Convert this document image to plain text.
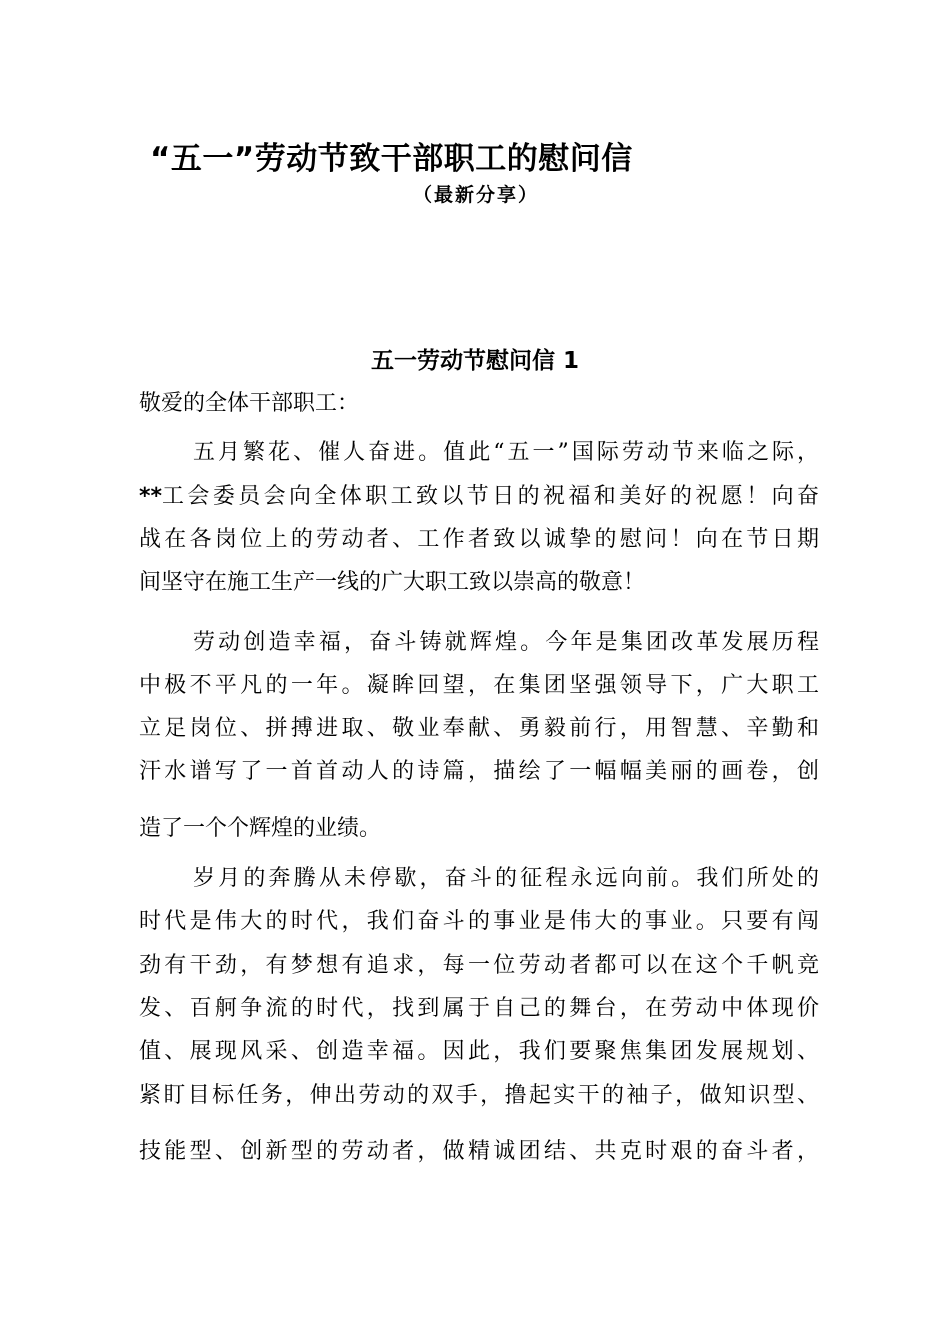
“五一”劳动节致干部职工的慰问信
（最新分享）
五一劳动节慰问信 1
敬爱的全体干部职工：
五月繁花、催人奋进。值此“五一”国际劳动节来临之际，
** 工会委员会向全体职工致以节日的祝福和美好的祝愿！向奋
战在各岗位上的劳动者、工作者致以诚挚的慰问！向在节日期
间坚守在施工生产一线的广大职工致以崇高的敬意！
劳动创造幸福，奋斗铸就辉煌。今年是集团改革发展历程
中极不平凡的一年。凝眸回望，在集团坚强领导下，广大职工
立足岗位、拼搏进取、敬业奉献、勇毅前行，用智慧、辛勤和
汗水谱写了一首首动人的诗篇，描绘了一幅幅美丽的画卷，创
造了一个个辉煌的业绩。
岁月的奔腾从未停歇，奋斗的征程永远向前。我们所处的
时代是伟大的时代，我们奋斗的事业是伟大的事业。只要有闯
劲有干劲，有梦想有追求，每一位劳动者都可以在这个千帆竞
发、百舸争流的时代，找到属于自己的舞台，在劳动中体现价
值、展现风采、创造幸福。因此，我们要聚焦集团发展规划、
紧盯目标任务，伸出劳动的双手，撸起实干的袖子，做知识型、
技能型、创新型的劳动者，做精诚团结、共克时艰的奋斗者，
